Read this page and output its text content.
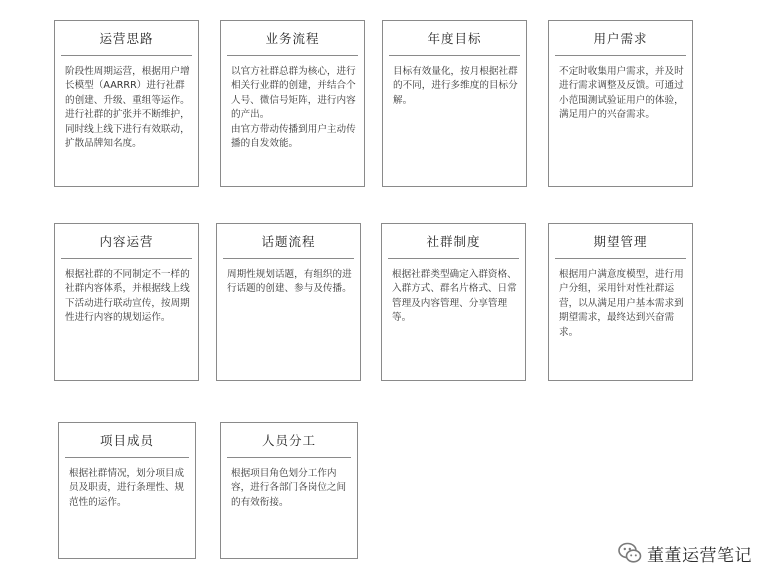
运营思路
阶段性周期运营，根据用户增长模型（AARRR）进行社群的创建、升级、重组等运作。
进行社群的扩张并不断维护，同时线上线下进行有效联动，扩散品牌知名度。
业务流程
以官方社群总群为核心，进行相关行业群的创建，并结合个人号、微信号矩阵，进行内容的产出。
由官方带动传播到用户主动传播的自发效能。
年度目标
目标有效量化，按月根据社群的不同，进行多维度的目标分解。
用户需求
不定时收集用户需求，并及时进行需求调整及反馈。可通过小范围测试验证用户的体验，满足用户的兴奋需求。
内容运营
根据社群的不同制定不一样的社群内容体系，并根据线上线下活动进行联动宣传，按周期性进行内容的规划运作。
话题流程
周期性规划话题，有组织的进行话题的创建、参与及传播。
社群制度
根据社群类型确定入群资格、入群方式、群名片格式、日常管理及内容管理、分享管理等。
期望管理
根据用户满意度模型，进行用户分组，采用针对性社群运营，以从满足用户基本需求到期望需求，最终达到兴奋需求。
项目成员
根据社群情况，划分项目成员及职责，进行条理性、规范性的运作。
人员分工
根据项目角色划分工作内容，进行各部门各岗位之间的有效衔接。
董董运营笔记
